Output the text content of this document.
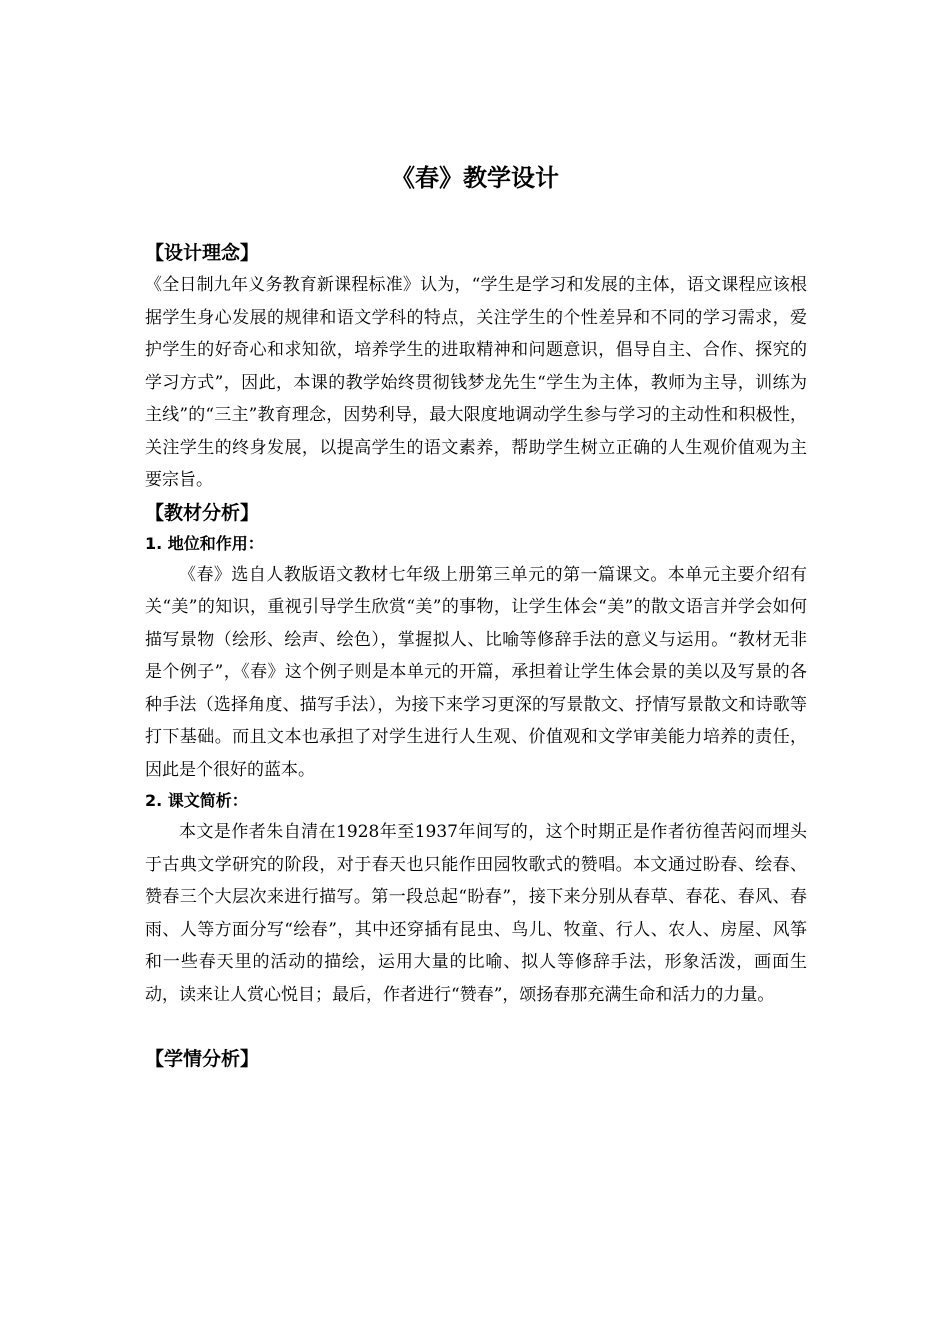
《春》教学设计
【设计理念】

《全日制九年义务教育新课程标准》认为，“学生是学习和发展的主体，语文课程应该根据学生身心发展的规律和语文学科的特点，关注学生的个性差异和不同的学习需求，爱护学生的好奇心和求知欲，培养学生的进取精神和问题意识，倡导自主、合作、探究的学习方式”，因此，本课的教学始终贯彻钱梦龙先生“学生为主体，教师为主导，训练为主线”的“三主”教育理念，因势利导，最大限度地调动学生参与学习的主动性和积极性，关注学生的终身发展，以提高学生的语文素养，帮助学生树立正确的人生观价值观为主要宗旨。

【教材分析】
1. 地位和作用：

《春》选自人教版语文教材七年级上册第三单元的第一篇课文。本单元主要介绍有关“美”的知识，重视引导学生欣赏“美”的事物，让学生体会“美”的散文语言并学会如何描写景物（绘形、绘声、绘色），掌握拟人、比喻等修辞手法的意义与运用。“教材无非是个例子”，《春》这个例子则是本单元的开篇，承担着让学生体会景的美以及写景的各种手法（选择角度、描写手法），为接下来学习更深的写景散文、抒情写景散文和诗歌等打下基础。而且文本也承担了对学生进行人生观、价值观和文学审美能力培养的责任，因此是个很好的蓝本。

2. 课文简析：

本文是作者朱自清在1928年至1937年间写的，这个时期正是作者彷徨苦闷而埋头于古典文学研究的阶段，对于春天也只能作田园牧歌式的赞唱。本文通过盼春、绘春、赞春三个大层次来进行描写。第一段总起“盼春”，接下来分别从春草、春花、春风、春雨、人等方面分写“绘春”，其中还穿插有昆虫、鸟儿、牧童、行人、农人、房屋、风筝和一些春天里的活动的描绘，运用大量的比喻、拟人等修辞手法，形象活泼，画面生动，读来让人赏心悦目；最后，作者进行“赞春”，颂扬春那充满生命和活力的力量。

【学情分析】
